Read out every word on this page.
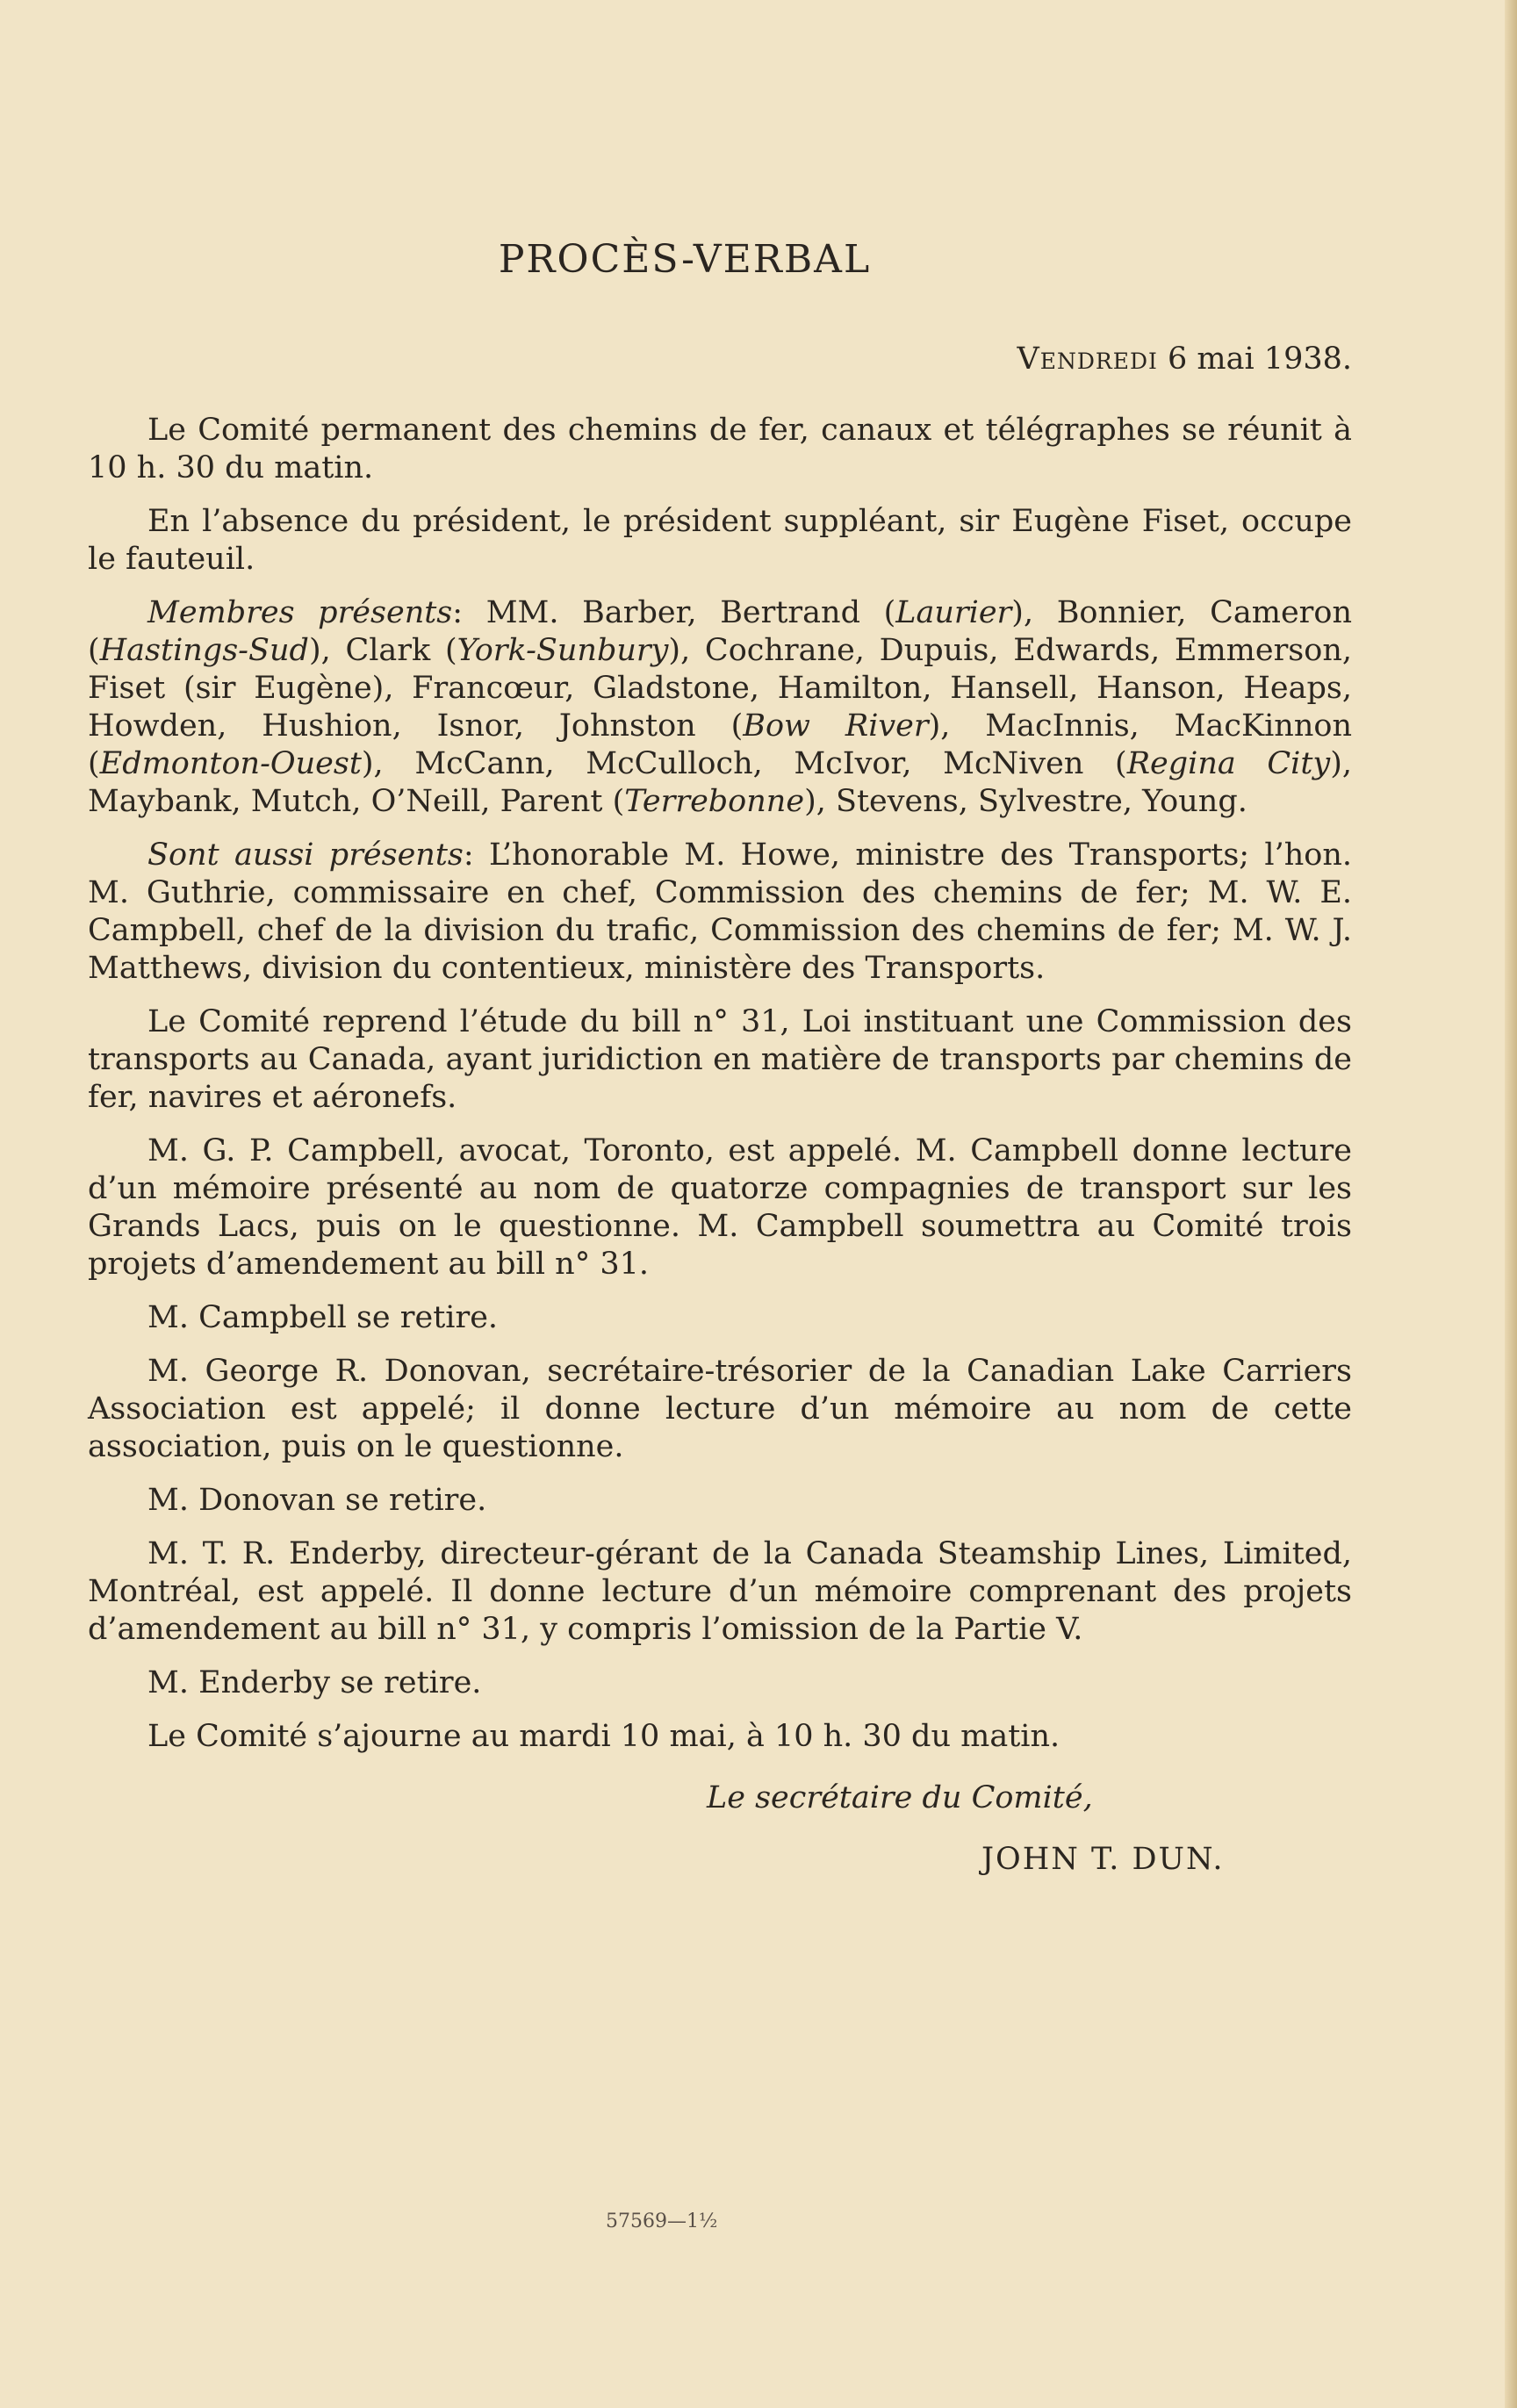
PROCÈS-VERBAL
Vendredi 6 mai 1938.

Le Comité permanent des chemins de fer, canaux et télégraphes se réunit à 10 h. 30 du matin.

En l’absence du président, le président suppléant, sir Eugène Fiset, occupe le fauteuil.

Membres présents: MM. Barber, Bertrand (Laurier), Bonnier, Cameron (Hastings-Sud), Clark (York-Sunbury), Cochrane, Dupuis, Edwards, Emmerson, Fiset (sir Eugène), Francœur, Gladstone, Hamilton, Hansell, Hanson, Heaps, Howden, Hushion, Isnor, Johnston (Bow River), MacInnis, MacKinnon (Edmonton-Ouest), McCann, McCulloch, McIvor, McNiven (Regina City), Maybank, Mutch, O’Neill, Parent (Terrebonne), Stevens, Sylvestre, Young.

Sont aussi présents: L’honorable M. Howe, ministre des Transports; l’hon. M. Guthrie, commissaire en chef, Commission des chemins de fer; M. W. E. Campbell, chef de la division du trafic, Commission des chemins de fer; M. W. J. Matthews, division du contentieux, ministère des Transports.

Le Comité reprend l’étude du bill n° 31, Loi instituant une Commission des transports au Canada, ayant juridiction en matière de transports par chemins de fer, navires et aéronefs.

M. G. P. Campbell, avocat, Toronto, est appelé. M. Campbell donne lecture d’un mémoire présenté au nom de quatorze compagnies de transport sur les Grands Lacs, puis on le questionne. M. Campbell soumettra au Comité trois projets d’amendement au bill n° 31.

M. Campbell se retire.

M. George R. Donovan, secrétaire-trésorier de la Canadian Lake Carriers Association est appelé; il donne lecture d’un mémoire au nom de cette association, puis on le questionne.

M. Donovan se retire.

M. T. R. Enderby, directeur-gérant de la Canada Steamship Lines, Limited, Montréal, est appelé. Il donne lecture d’un mémoire comprenant des projets d’amendement au bill n° 31, y compris l’omission de la Partie V.

M. Enderby se retire.

Le Comité s’ajourne au mardi 10 mai, à 10 h. 30 du matin.

Le secrétaire du Comité,
JOHN T. DUN.
57569—1½
